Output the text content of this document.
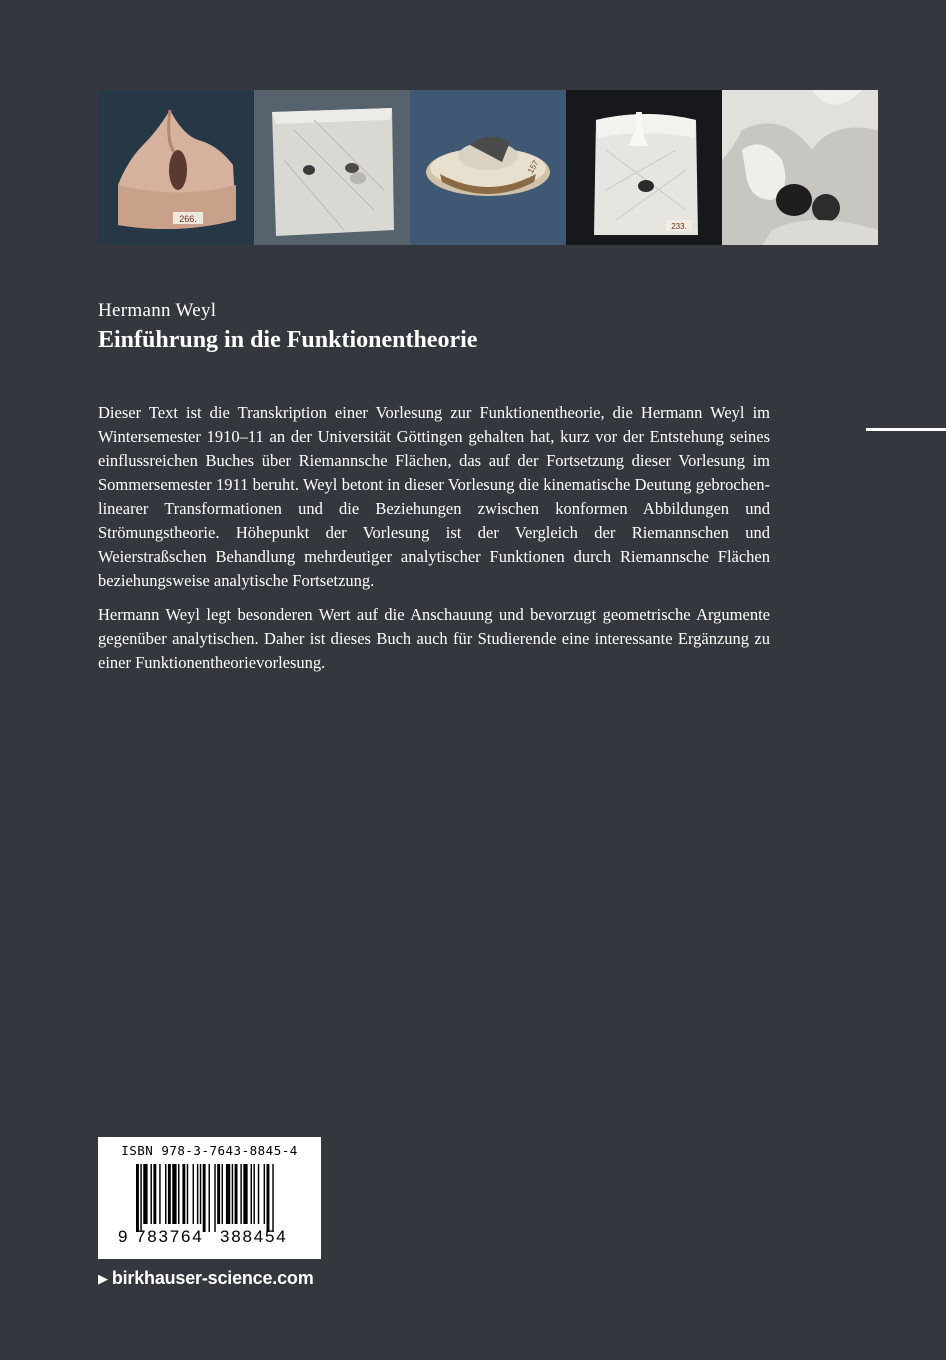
266.
157
233.
Hermann Weyl
Einführung in die Funktionentheorie

Dieser Text ist die Transkription einer Vorlesung zur Funktionentheorie, die Hermann Weyl im Wintersemester 1910–11 an der Universität Göttingen gehalten hat, kurz vor der Entstehung seines einflussreichen Buches über Riemannsche Flächen, das auf der Fortsetzung dieser Vorlesung im Sommersemester 1911 beruht. Weyl betont in dieser Vorlesung die kinematische Deutung gebrochen-linearer Transformationen und die Beziehungen zwischen konformen Abbildungen und Strömungstheorie. Höhepunkt der Vorlesung ist der Vergleich der Riemannschen und Weierstraßschen Behandlung mehrdeutiger analytischer Funktionen durch Riemannsche Flächen beziehungsweise analytische Fortsetzung.

Hermann Weyl legt besonderen Wert auf die Anschauung und bevorzugt geometrische Argumente gegenüber analytischen. Daher ist dieses Buch auch für Studierende eine interessante Ergänzung zu einer Funktionentheorievorlesung.

ISBN 978-3-7643-8845-4
9 783764 388454
▶ birkhauser-science.com
